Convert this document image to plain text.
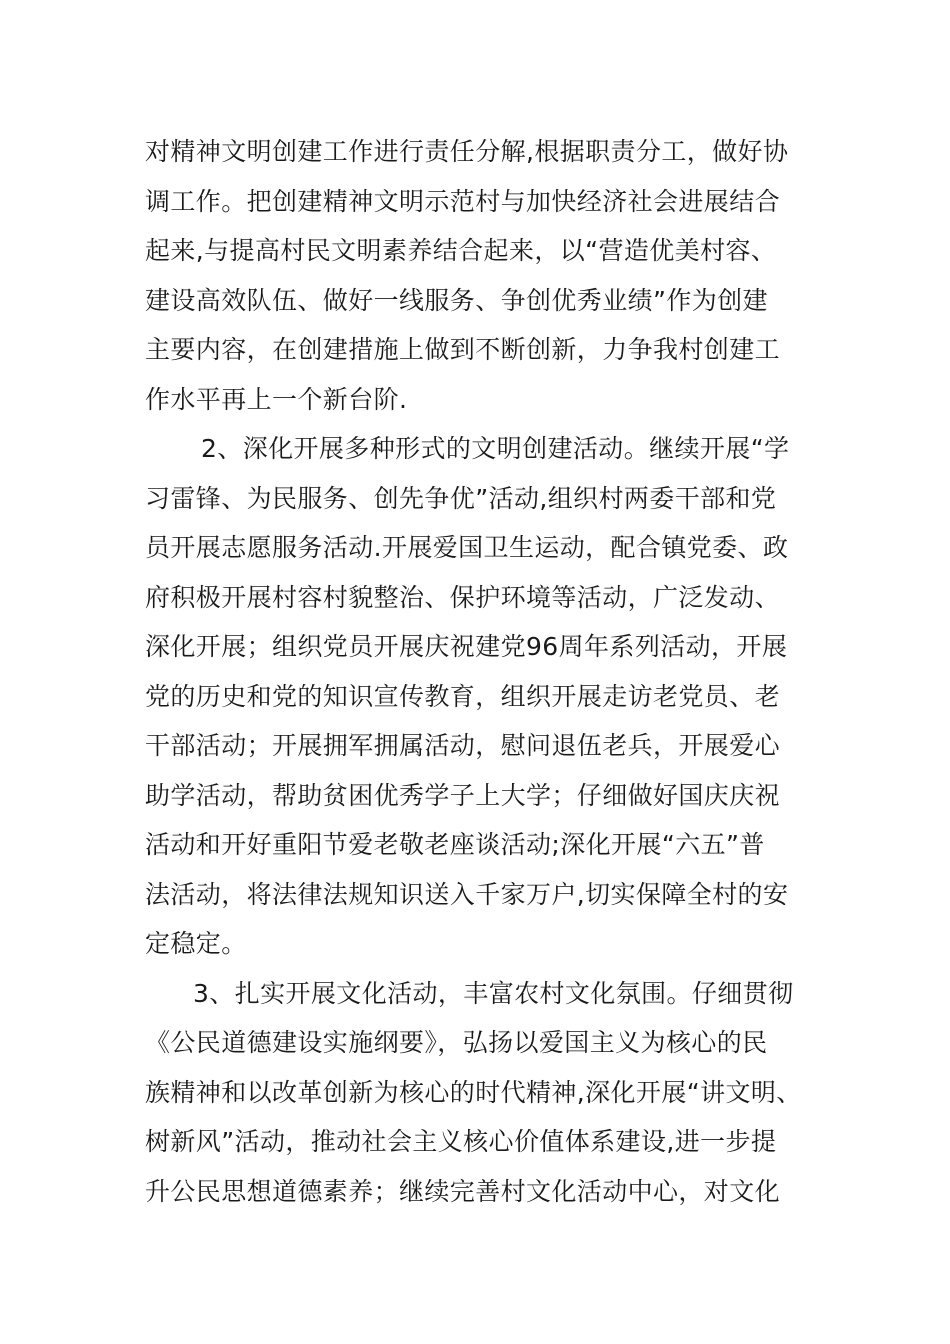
对精神文明创建工作进行责任分解,根据职责分工，做好协
调工作。把创建精神文明示范村与加快经济社会进展结合
起来,与提高村民文明素养结合起来，以“营造优美村容、
建设高效队伍、做好一线服务、争创优秀业绩”作为创建
主要内容，在创建措施上做到不断创新，力争我村创建工
作水平再上一个新台阶.
2、深化开展多种形式的文明创建活动。继续开展“学
习雷锋、为民服务、创先争优”活动,组织村两委干部和党
员开展志愿服务活动.开展爱国卫生运动，配合镇党委、政
府积极开展村容村貌整治、保护环境等活动，广泛发动、
深化开展；组织党员开展庆祝建党96周年系列活动，开展
党的历史和党的知识宣传教育，组织开展走访老党员、老
干部活动；开展拥军拥属活动，慰问退伍老兵，开展爱心
助学活动，帮助贫困优秀学子上大学；仔细做好国庆庆祝
活动和开好重阳节爱老敬老座谈活动;深化开展“六五”普
法活动，将法律法规知识送入千家万户,切实保障全村的安
定稳定。
3、扎实开展文化活动，丰富农村文化氛围。仔细贯彻
《公民道德建设实施纲要》，弘扬以爱国主义为核心的民
族精神和以改革创新为核心的时代精神,深化开展“讲文明、
树新风”活动，推动社会主义核心价值体系建设,进一步提
升公民思想道德素养；继续完善村文化活动中心，对文化
